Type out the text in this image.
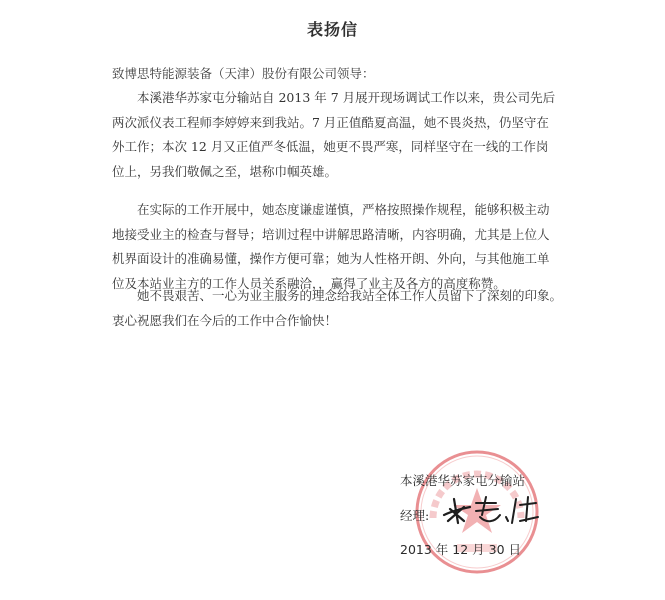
表扬信
致博思特能源装备（天津）股份有限公司领导：
本溪港华苏家屯分输站自 2013 年 7 月展开现场调试工作以来，贵公司先后
两次派仪表工程师李婷婷来到我站。7 月正值酷夏高温，她不畏炎热，仍坚守在
外工作；本次 12 月又正值严冬低温，她更不畏严寒，同样坚守在一线的工作岗
位上，另我们敬佩之至，堪称巾帼英雄。
在实际的工作开展中，她态度谦虚谨慎，严格按照操作规程，能够积极主动
地接受业主的检查与督导；培训过程中讲解思路清晰，内容明确，尤其是上位人
机界面设计的准确易懂，操作方便可靠；她为人性格开朗、外向，与其他施工单
位及本站业主方的工作人员关系融洽，，赢得了业主及各方的高度称赞。
她不畏艰苦、一心为业主服务的理念给我站全体工作人员留下了深刻的印象。
衷心祝愿我们在今后的工作中合作愉快！
本溪港华苏家屯分输站
经理:
2013 年 12 月 30 日
